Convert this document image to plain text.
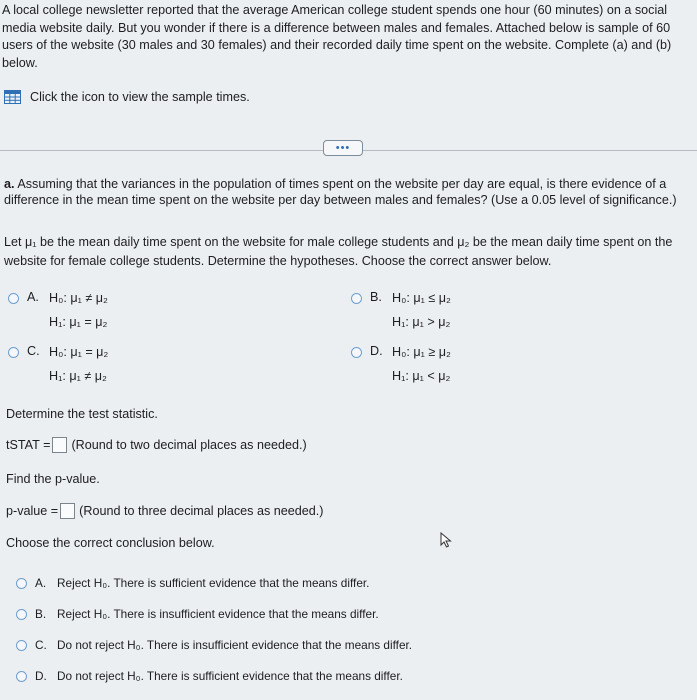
A local college newsletter reported that the average American college student spends one hour (60 minutes) on a social media website daily. But you wonder if there is a difference between males and females. Attached below is sample of 60 users of the website (30 males and 30 females) and their recorded daily time spent on the website. Complete (a) and (b) below.
Click the icon to view the sample times.
•••
a. Assuming that the variances in the population of times spent on the website per day are equal, is there evidence of a difference in the mean time spent on the website per day between males and females? (Use a 0.05 level of significance.)
Let μ₁ be the mean daily time spent on the website for male college students and μ₂ be the mean daily time spent on the website for female college students. Determine the hypotheses. Choose the correct answer below.
A. H₀: μ₁ ≠ μ₂
H₁: μ₁ = μ₂
B. H₀: μ₁ ≤ μ₂
H₁: μ₁ > μ₂
C. H₀: μ₁ = μ₂
H₁: μ₁ ≠ μ₂
D. H₀: μ₁ ≥ μ₂
H₁: μ₁ < μ₂
Determine the test statistic.
tSTAT = (Round to two decimal places as needed.)
Find the p-value.
p-value = (Round to three decimal places as needed.)
Choose the correct conclusion below.
A. Reject H₀. There is sufficient evidence that the means differ.
B. Reject H₀. There is insufficient evidence that the means differ.
C. Do not reject H₀. There is insufficient evidence that the means differ.
D. Do not reject H₀. There is sufficient evidence that the means differ.
